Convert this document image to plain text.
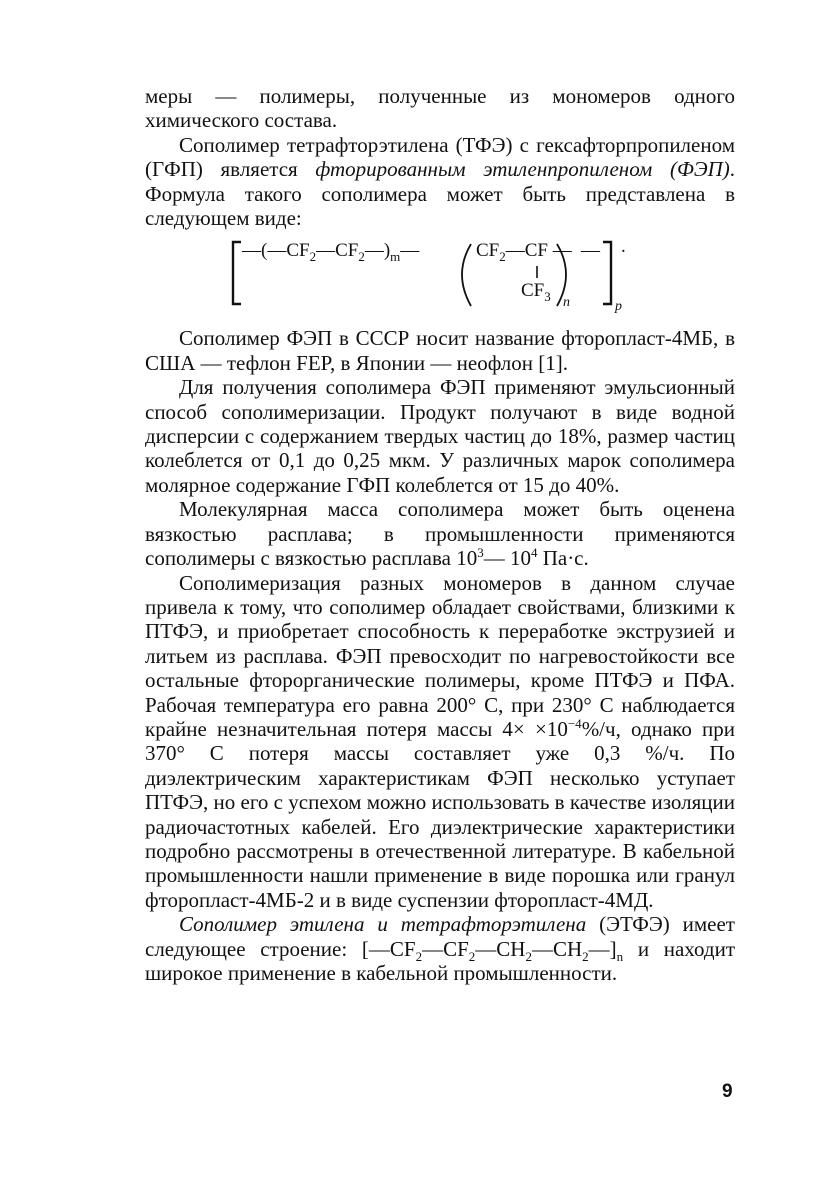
меры — полимеры, полученные из мономеров одного химического состава.

Сополимер тетрафторэтилена (ТФЭ) с гексафторпропиленом (ГФП) является фторированным этиленпропиленом (ФЭП). Формула такого сополимера может быть представлена в следующем виде:

$—(—CF_2—CF_2—)_m—$	$CF_2—CF$ — —
$CF_3$ n	p
.

Сополимер ФЭП в СССР носит название фторопласт-4МБ, в США — тефлон FEP, в Японии — неофлон [1].

Для получения сополимера ФЭП применяют эмульсионный способ сополимеризации. Продукт получают в виде водной дисперсии с содержанием твердых частиц до 18%, размер частиц колеблется от 0,1 до 0,25 мкм. У различных марок сополимера молярное содержание ГФП колеблется от 15 до 40%.

Молекулярная масса сополимера может быть оценена вязкостью расплава; в промышленности применяются сополимеры с вязкостью расплава $10^3—$ $10^4$ Па·с.

Сополимеризация разных мономеров в данном случае привела к тому, что сополимер обладает свойствами, близкими к ПТФЭ, и приобретает способность к переработке экструзией и литьем из расплава. ФЭП превосходит по нагревостойкости все остальные фторорганические полимеры, кроме ПТФЭ и ПФА. Рабочая температура его равна 200° С, при 230° С наблюдается крайне незначительная потеря массы $4\times \times 10^{-4}\%/ч$, однако при 370° С потеря массы составляет уже 0,3 %/ч. По диэлектрическим характеристикам ФЭП несколько уступает ПТФЭ, но его с успехом можно использовать в качестве изоляции радиочастотных кабелей. Его диэлектрические характеристики подробно рассмотрены в отечественной литературе. В кабельной промышленности нашли применение в виде порошка или гранул фторопласт-4МБ-2 и в виде суспензии фторопласт-4МД.

Сополимер этилена и тетрафторэтилена (ЭТФЭ) имеет следующее строение: $[—CF_2—CF_2—CH_2—CH_2—]_n$ и находит широкое применение в кабельной промышленности.

9
